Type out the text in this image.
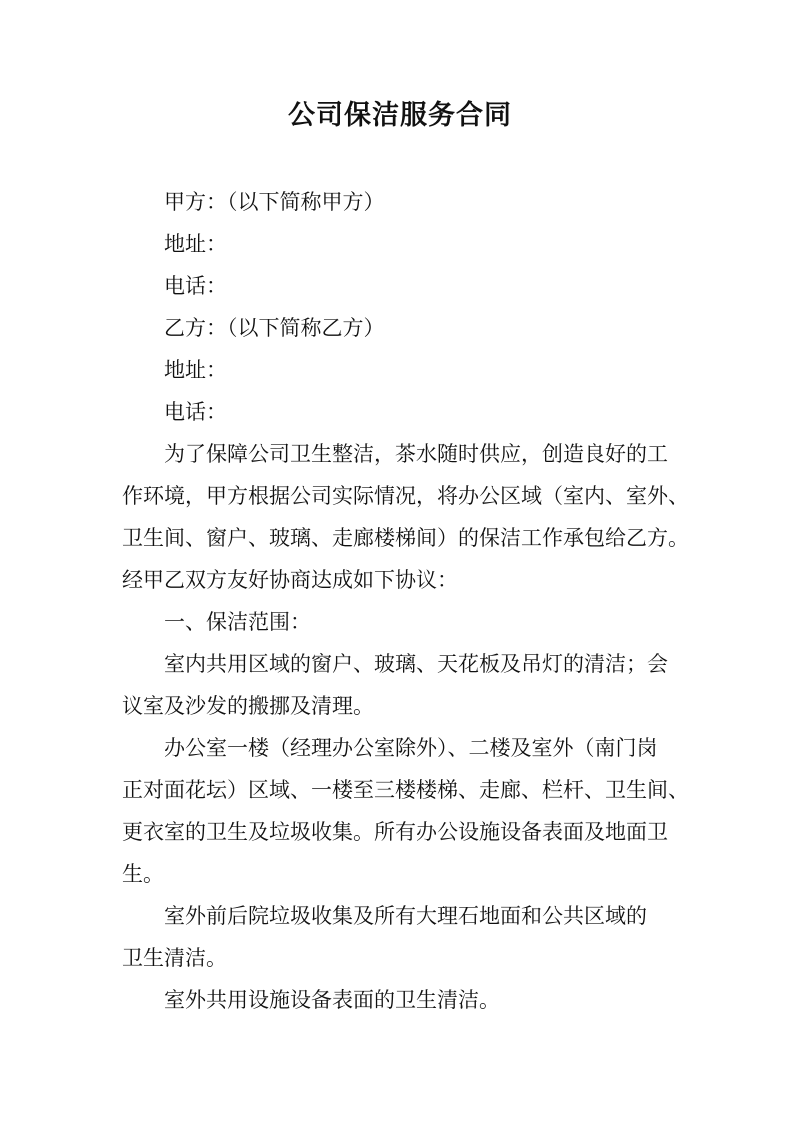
公司保洁服务合同

甲方：（以下简称甲方）

地址：

电话：

乙方：（以下简称乙方）

地址：

电话：

为了保障公司卫生整洁，茶水随时供应，创造良好的工

作环境，甲方根据公司实际情况，将办公区域（室内、室外、

卫生间、窗户、玻璃、走廊楼梯间）的保洁工作承包给乙方。

经甲乙双方友好协商达成如下协议：

一、保洁范围：

室内共用区域的窗户、玻璃、天花板及吊灯的清洁；会

议室及沙发的搬挪及清理。

办公室一楼（经理办公室除外）、二楼及室外（南门岗

正对面花坛）区域、一楼至三楼楼梯、走廊、栏杆、卫生间、

更衣室的卫生及垃圾收集。所有办公设施设备表面及地面卫

生。

室外前后院垃圾收集及所有大理石地面和公共区域的

卫生清洁。

室外共用设施设备表面的卫生清洁。
